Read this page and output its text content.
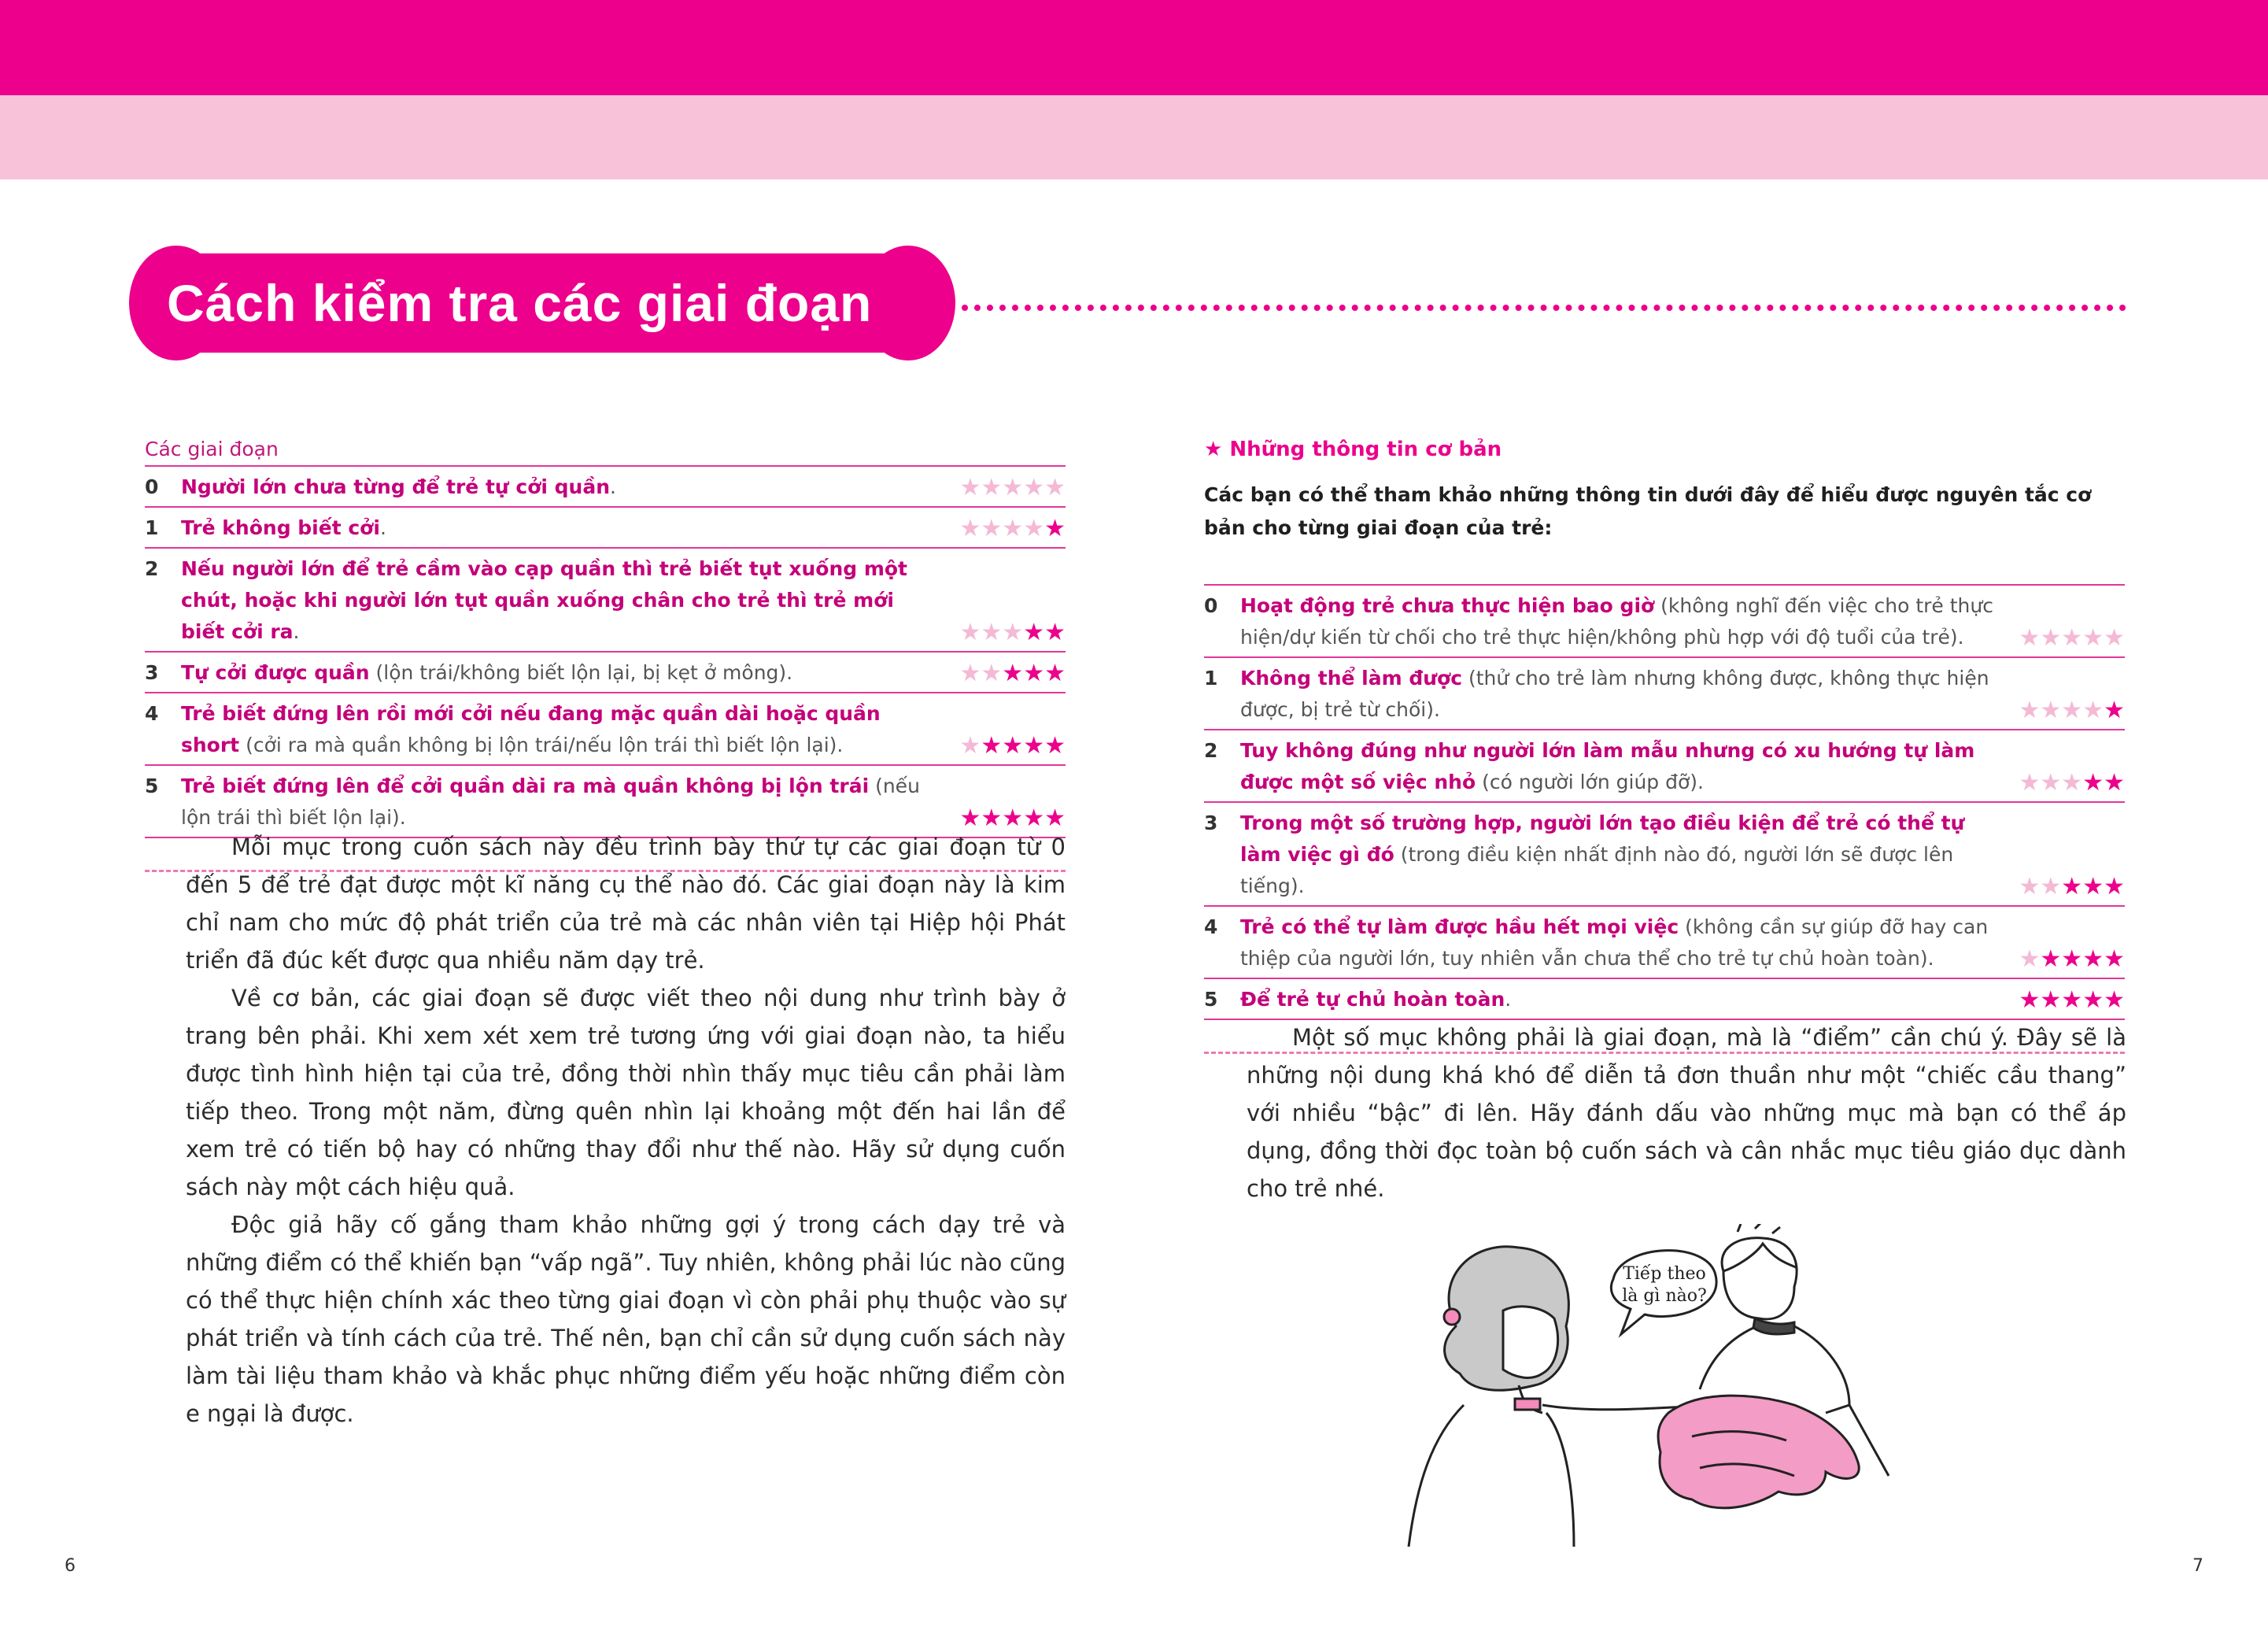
Cách kiểm tra các giai đoạn
Các giai đoạn
0	Người lớn chưa từng để trẻ tự cởi quần.	★★★★★
1	Trẻ không biết cởi.	★★★★★
2	Nếu người lớn để trẻ cầm vào cạp quần thì trẻ biết tụt xuống một chút, hoặc khi người lớn tụt quần xuống chân cho trẻ thì trẻ mới biết cởi ra.	★★★★★
3	Tự cởi được quần (lộn trái/không biết lộn lại, bị kẹt ở mông).	★★★★★
4	Trẻ biết đứng lên rồi mới cởi nếu đang mặc quần dài hoặc quần short (cởi ra mà quần không bị lộn trái/nếu lộn trái thì biết lộn lại).	★★★★★
5	Trẻ biết đứng lên để cởi quần dài ra mà quần không bị lộn trái (nếu lộn trái thì biết lộn lại).	★★★★★
★ Những thông tin cơ bản
Các bạn có thể tham khảo những thông tin dưới đây để hiểu được nguyên tắc cơ bản cho từng giai đoạn của trẻ:
0	Hoạt động trẻ chưa thực hiện bao giờ (không nghĩ đến việc cho trẻ thực hiện/dự kiến từ chối cho trẻ thực hiện/không phù hợp với độ tuổi của trẻ).	★★★★★
1	Không thể làm được (thử cho trẻ làm nhưng không được, không thực hiện được, bị trẻ từ chối).	★★★★★
2	Tuy không đúng như người lớn làm mẫu nhưng có xu hướng tự làm được một số việc nhỏ (có người lớn giúp đỡ).	★★★★★
3	Trong một số trường hợp, người lớn tạo điều kiện để trẻ có thể tự làm việc gì đó (trong điều kiện nhất định nào đó, người lớn sẽ được lên tiếng).	★★★★★
4	Trẻ có thể tự làm được hầu hết mọi việc (không cần sự giúp đỡ hay can thiệp của người lớn, tuy nhiên vẫn chưa thể cho trẻ tự chủ hoàn toàn).	★★★★★
5	Để trẻ tự chủ hoàn toàn.	★★★★★

Mỗi mục trong cuốn sách này đều trình bày thứ tự các giai đoạn từ 0 đến 5 để trẻ đạt được một kĩ năng cụ thể nào đó. Các giai đoạn này là kim chỉ nam cho mức độ phát triển của trẻ mà các nhân viên tại Hiệp hội Phát triển đã đúc kết được qua nhiều năm dạy trẻ.

Về cơ bản, các giai đoạn sẽ được viết theo nội dung như trình bày ở trang bên phải. Khi xem xét xem trẻ tương ứng với giai đoạn nào, ta hiểu được tình hình hiện tại của trẻ, đồng thời nhìn thấy mục tiêu cần phải làm tiếp theo. Trong một năm, đừng quên nhìn lại khoảng một đến hai lần để xem trẻ có tiến bộ hay có những thay đổi như thế nào. Hãy sử dụng cuốn sách này một cách hiệu quả.

Độc giả hãy cố gắng tham khảo những gợi ý trong cách dạy trẻ và những điểm có thể khiến bạn “vấp ngã”. Tuy nhiên, không phải lúc nào cũng có thể thực hiện chính xác theo từng giai đoạn vì còn phải phụ thuộc vào sự phát triển và tính cách của trẻ. Thế nên, bạn chỉ cần sử dụng cuốn sách này làm tài liệu tham khảo và khắc phục những điểm yếu hoặc những điểm còn e ngại là được.

Một số mục không phải là giai đoạn, mà là “điểm” cần chú ý. Đây sẽ là những nội dung khá khó để diễn tả đơn thuần như một “chiếc cầu thang” với nhiều “bậc” đi lên. Hãy đánh dấu vào những mục mà bạn có thể áp dụng, đồng thời đọc toàn bộ cuốn sách và cân nhắc mục tiêu giáo dục dành cho trẻ nhé.

Tiếp theo
là gì nào?
6	7
